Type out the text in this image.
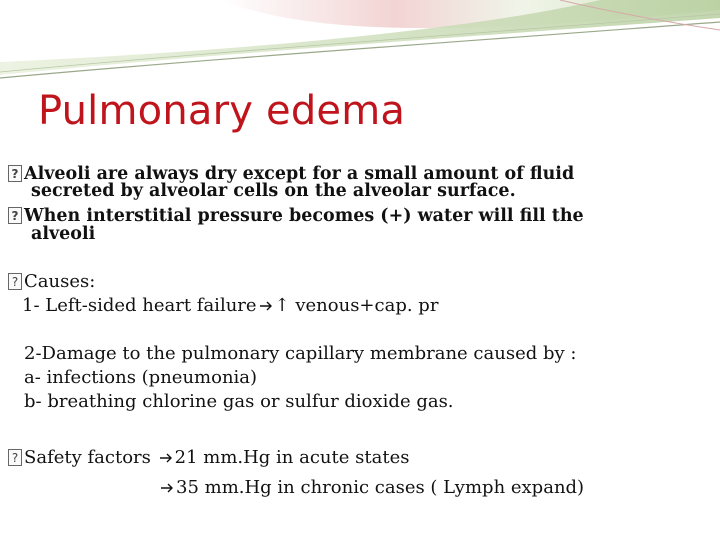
Pulmonary edema
?Alveoli are always dry except for a small amount of fluid
secreted by alveolar cells on the alveolar surface.
?When interstitial pressure becomes (+) water will fill the
alveoli
?Causes:
1- Left-sided heart failure ↑ venous+cap. pr
2-Damage to the pulmonary capillary membrane caused by :
a- infections (pneumonia)
b- breathing chlorine gas or sulfur dioxide gas.
?Safety factors 21 mm.Hg in acute states
35 mm.Hg in chronic cases ( Lymph expand)
